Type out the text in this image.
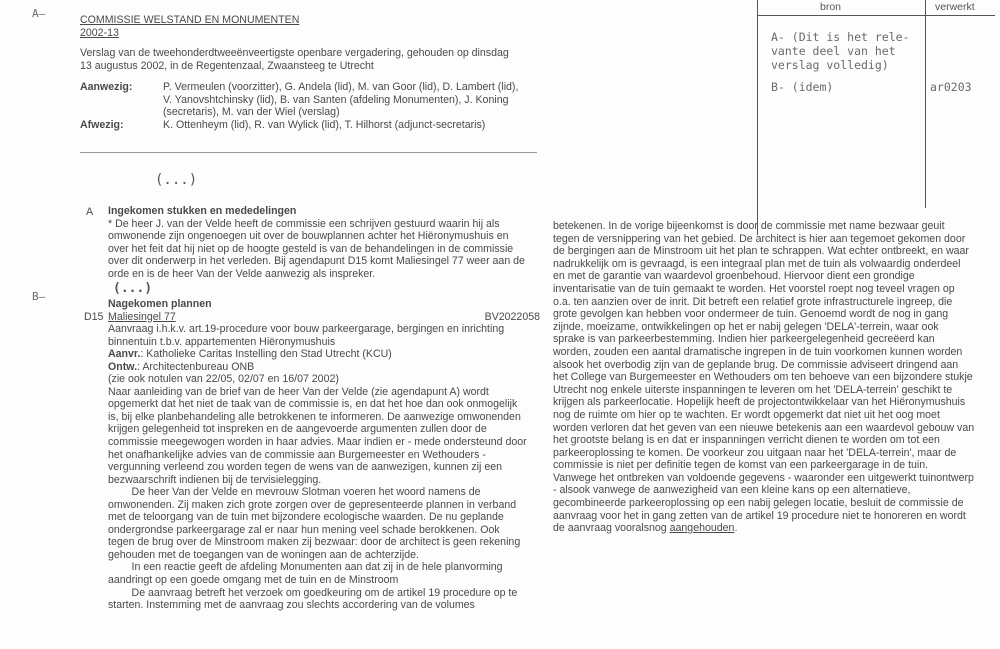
A–
B–
(...)
(...)
COMMISSIE WELSTAND EN MONUMENTEN
2002-13
Verslag van de tweehonderdtweeënveertigste openbare vergadering, gehouden op dinsdag
13 augustus 2002, in de Regentenzaal, Zwaansteeg te Utrecht
Aanwezig:	P. Vermeulen (voorzitter), G. Andela (lid), M. van Goor (lid), D. Lambert (lid),
V. Yanovshtchinsky (lid), B. van Santen (afdeling Monumenten), J. Koning
(secretaris), M. van der Wiel (verslag)
Afwezig:	K. Ottenheym (lid), R. van Wylick (lid), T. Hilhorst (adjunct-secretaris)
bron	verwerkt
A- (Dit is het rele-
vante deel van het
verslag volledig)
B- (idem)	ar0203
A Ingekomen stukken en mededelingen
* De heer J. van der Velde heeft de commissie een schrijven gestuurd waarin hij als
omwonende zijn ongenoegen uit over de bouwplannen achter het Hiëronymushuis en
over het feit dat hij niet op de hoogte gesteld is van de behandelingen in de commissie
over dit onderwerp in het verleden. Bij agendapunt D15 komt Maliesingel 77 weer aan de
orde en is de heer Van der Velde aanwezig als inspreker.
Nagekomen plannen
Maliesingel 77	BV2022058
Aanvraag i.h.k.v. art.19-procedure voor bouw parkeergarage, bergingen en inrichting
binnentuin t.b.v. appartementen Hiëronymushuis
Aanvr.: Katholieke Caritas Instelling den Stad Utrecht (KCU)
Ontw.: Architectenbureau ONB
(zie ook notulen van 22/05, 02/07 en 16/07 2002)
Naar aanleiding van de brief van de heer Van der Velde (zie agendapunt A) wordt
opgemerkt dat het niet de taak van de commissie is, en dat het hoe dan ook onmogelijk
is, bij elke planbehandeling alle betrokkenen te informeren. De aanwezige omwonenden
krijgen gelegenheid tot inspreken en de aangevoerde argumenten zullen door de
commissie meegewogen worden in haar advies. Maar indien er - mede ondersteund door
het onafhankelijke advies van de commissie aan Burgemeester en Wethouders -
vergunning verleend zou worden tegen de wens van de aanwezigen, kunnen zij een
bezwaarschrift indienen bij de tervisielegging.
De heer Van der Velde en mevrouw Slotman voeren het woord namens de
omwonenden. Zij maken zich grote zorgen over de gepresenteerde plannen in verband
met de teloorgang van de tuin met bijzondere ecologische waarden. De nu geplande
ondergrondse parkeergarage zal er naar hun mening veel schade berokkenen. Ook
tegen de brug over de Minstroom maken zij bezwaar: door de architect is geen rekening
gehouden met de toegangen van de woningen aan de achterzijde.
In een reactie geeft de afdeling Monumenten aan dat zij in de hele planvorming
aandringt op een goede omgang met de tuin en de Minstroom
De aanvraag betreft het verzoek om goedkeuring om de artikel 19 procedure op te
starten. Instemming met de aanvraag zou slechts accordering van de volumes
D15
betekenen. In de vorige bijeenkomst is door de commissie met name bezwaar geuit
tegen de versnippering van het gebied. De architect is hier aan tegemoet gekomen door
de bergingen aan de Minstroom uit het plan te schrappen. Wat echter ontbreekt, en waar
nadrukkelijk om is gevraagd, is een integraal plan met de tuin als volwaardig onderdeel
en met de garantie van waardevol groenbehoud. Hiervoor dient een grondige
inventarisatie van de tuin gemaakt te worden. Het voorstel roept nog teveel vragen op
o.a. ten aanzien over de inrit. Dit betreft een relatief grote infrastructurele ingreep, die
grote gevolgen kan hebben voor ondermeer de tuin. Genoemd wordt de nog in gang
zijnde, moeizame, ontwikkelingen op het er nabij gelegen 'DELA'-terrein, waar ook
sprake is van parkeerbestemming. Indien hier parkeergelegenheid gecreëerd kan
worden, zouden een aantal dramatische ingrepen in de tuin voorkomen kunnen worden
alsook het overbodig zijn van de geplande brug. De commissie adviseert dringend aan
het College van Burgemeester en Wethouders om ten behoeve van een bijzondere stukje
Utrecht nog enkele uiterste inspanningen te leveren om het 'DELA-terrein' geschikt te
krijgen als parkeerlocatie. Hopelijk heeft de projectontwikkelaar van het Hiëronymushuis
nog de ruimte om hier op te wachten. Er wordt opgemerkt dat niet uit het oog moet
worden verloren dat het geven van een nieuwe betekenis aan een waardevol gebouw van
het grootste belang is en dat er inspanningen verricht dienen te worden om tot een
parkeeroplossing te komen. De voorkeur zou uitgaan naar het 'DELA-terrein', maar de
commissie is niet per definitie tegen de komst van een parkeergarage in de tuin.
Vanwege het ontbreken van voldoende gegevens - waaronder een uitgewerkt tuinontwerp
- alsook vanwege de aanwezigheid van een kleine kans op een alternatieve,
gecombineerde parkeeroplossing op een nabij gelegen locatie, besluit de commissie de
aanvraag voor het in gang zetten van de artikel 19 procedure niet te honoreren en wordt
de aanvraag vooralsnog aangehouden.
